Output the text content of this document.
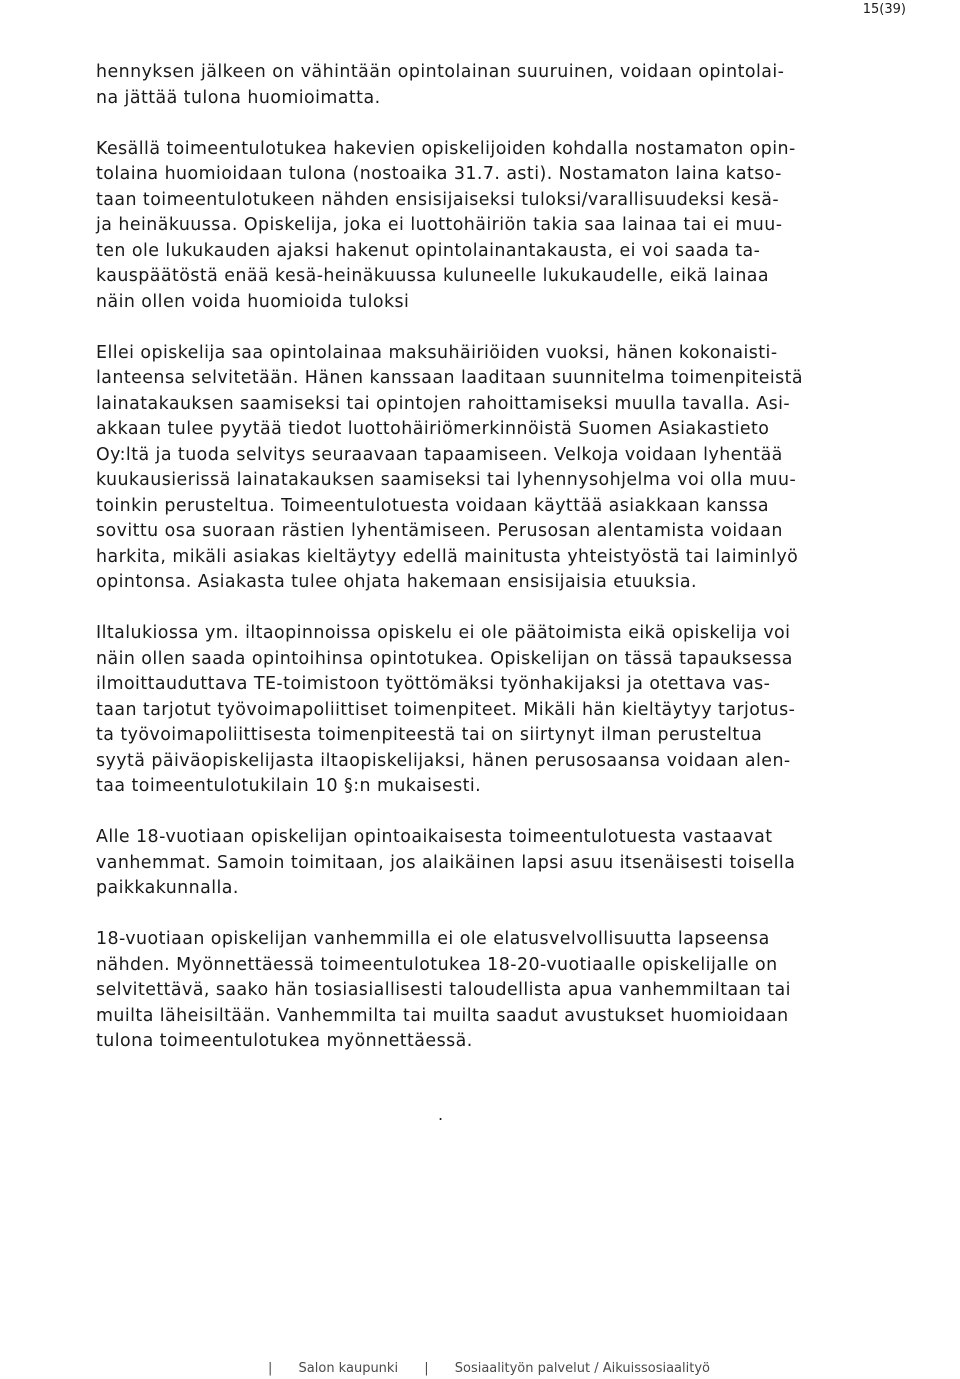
15(39)
hennyksen jälkeen on vähintään opintolainan suuruinen, voidaan opintolai-
na jättää tulona huomioimatta.
Kesällä toimeentulotukea hakevien opiskelijoiden kohdalla nostamaton opin-
tolaina huomioidaan tulona (nostoaika 31.7. asti). Nostamaton laina katso-
taan toimeentulotukeen nähden ensisijaiseksi tuloksi/varallisuudeksi kesä-
ja heinäkuussa. Opiskelija, joka ei luottohäiriön takia saa lainaa tai ei muu-
ten ole lukukauden ajaksi hakenut opintolainantakausta, ei voi saada ta-
kauspäätöstä enää kesä-heinäkuussa kuluneelle lukukaudelle, eikä lainaa
näin ollen voida huomioida tuloksi
Ellei opiskelija saa opintolainaa maksuhäiriöiden vuoksi, hänen kokonaisti-
lanteensa selvitetään. Hänen kanssaan laaditaan suunnitelma toimenpiteistä
lainatakauksen saamiseksi tai opintojen rahoittamiseksi muulla tavalla. Asi-
akkaan tulee pyytää tiedot luottohäiriömerkinnöistä Suomen Asiakastieto
Oy:ltä ja tuoda selvitys seuraavaan tapaamiseen. Velkoja voidaan lyhentää
kuukausierissä lainatakauksen saamiseksi tai lyhennysohjelma voi olla muu-
toinkin perusteltua. Toimeentulotuesta voidaan käyttää asiakkaan kanssa
sovittu osa suoraan rästien lyhentämiseen. Perusosan alentamista voidaan
harkita, mikäli asiakas kieltäytyy edellä mainitusta yhteistyöstä tai laiminlyö
opintonsa. Asiakasta tulee ohjata hakemaan ensisijaisia etuuksia.
Iltalukiossa ym. iltaopinnoissa opiskelu ei ole päätoimista eikä opiskelija voi
näin ollen saada opintoihinsa opintotukea. Opiskelijan on tässä tapauksessa
ilmoittauduttava TE-toimistoon työttömäksi työnhakijaksi ja otettava vas-
taan tarjotut työvoimapoliittiset toimenpiteet. Mikäli hän kieltäytyy tarjotus-
ta työvoimapoliittisesta toimenpiteestä tai on siirtynyt ilman perusteltua
syytä päiväopiskelijasta iltaopiskelijaksi, hänen perusosaansa voidaan alen-
taa toimeentulotukilain 10 §:n mukaisesti.
Alle 18-vuotiaan opiskelijan opintoaikaisesta toimeentulotuesta vastaavat
vanhemmat. Samoin toimitaan, jos alaikäinen lapsi asuu itsenäisesti toisella
paikkakunnalla.
18-vuotiaan opiskelijan vanhemmilla ei ole elatusvelvollisuutta lapseensa
nähden. Myönnettäessä toimeentulotukea 18-20-vuotiaalle opiskelijalle on
selvitettävä, saako hän tosiasiallisesti taloudellista apua vanhemmiltaan tai
muilta läheisiltään. Vanhemmilta tai muilta saadut avustukset huomioidaan
tulona toimeentulotukea myönnettäessä.
.
| Salon kaupunki | Sosiaalityön palvelut / Aikuissosiaalityö
